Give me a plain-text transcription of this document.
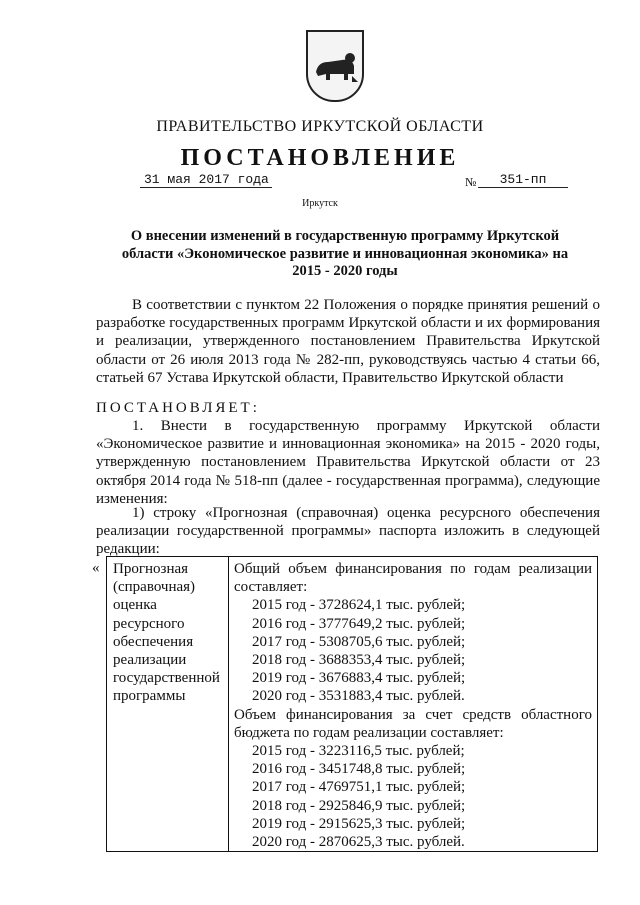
ПРАВИТЕЛЬСТВО ИРКУТСКОЙ ОБЛАСТИ
ПОСТАНОВЛЕНИЕ
31 мая 2017 года	№	351-пп
Иркутск
О внесении изменений в государственную программу Иркутской области «Экономическое развитие и инновационная экономика» на 2015 - 2020 годы
В соответствии с пунктом 22 Положения о порядке принятия решений о разработке государственных программ Иркутской области и их формирования и реализации, утвержденного постановлением Правительства Иркутской области от 26 июля 2013 года № 282-пп, руководствуясь частью 4 статьи 66, статьей 67 Устава Иркутской области, Правительство Иркутской области
ПОСТАНОВЛЯЕТ:
1. Внести в государственную программу Иркутской области «Экономическое развитие и инновационная экономика» на 2015 - 2020 годы, утвержденную постановлением Правительства Иркутской области от 23 октября 2014 года № 518-пп (далее - государственная программа), следующие изменения:
1) строку «Прогнозная (справочная) оценка ресурсного обеспечения реализации государственной программы» паспорта изложить в следующей редакции:
« Прогнозная
(справочная)
оценка
ресурсного
обеспечения
реализации
государственной
программы
Общий объем финансирования по годам реализации составляет:
2015 год - 3728624,1 тыс. рублей;
2016 год - 3777649,2 тыс. рублей;
2017 год - 5308705,6 тыс. рублей;
2018 год - 3688353,4 тыс. рублей;
2019 год - 3676883,4 тыс. рублей;
2020 год - 3531883,4 тыс. рублей.
Объем финансирования за счет средств областного бюджета по годам реализации составляет:
2015 год - 3223116,5 тыс. рублей;
2016 год - 3451748,8 тыс. рублей;
2017 год - 4769751,1 тыс. рублей;
2018 год - 2925846,9 тыс. рублей;
2019 год - 2915625,3 тыс. рублей;
2020 год - 2870625,3 тыс. рублей.
